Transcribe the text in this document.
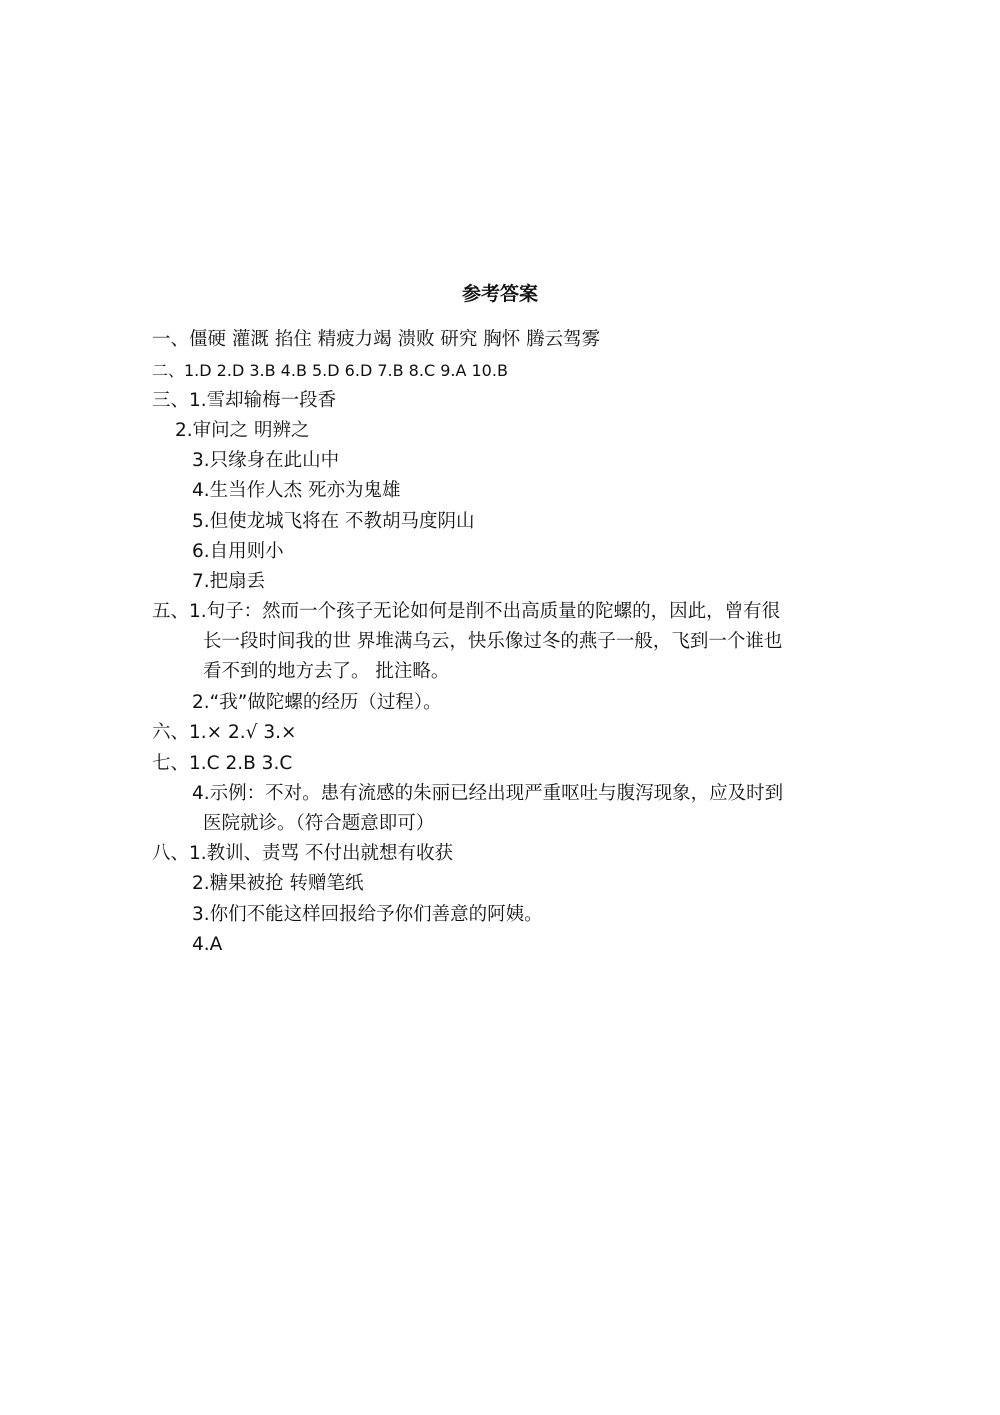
参考答案
一、僵硬 灌溉 掐住 精疲力竭 溃败 研究 胸怀 腾云驾雾
二、1.D 2.D 3.B 4.B 5.D 6.D 7.B 8.C 9.A 10.B
三、1.雪却输梅一段香
2.审问之 明辨之
3.只缘身在此山中
4.生当作人杰 死亦为鬼雄
5.但使龙城飞将在 不教胡马度阴山
6.自用则小
7.把扇丢
五、1.句子：然而一个孩子无论如何是削不出高质量的陀螺的，因此，曾有很
长一段时间我的世 界堆满乌云，快乐像过冬的燕子一般，飞到一个谁也
看不到的地方去了。 批注略。
2.“我”做陀螺的经历（过程）。
六、1.× 2.√ 3.×
七、1.C 2.B 3.C
4.示例：不对。患有流感的朱丽已经出现严重呕吐与腹泻现象，应及时到
医院就诊。（符合题意即可）
八、1.教训、责骂 不付出就想有收获
2.糖果被抢 转赠笔纸
3.你们不能这样回报给予你们善意的阿姨。
4.A
